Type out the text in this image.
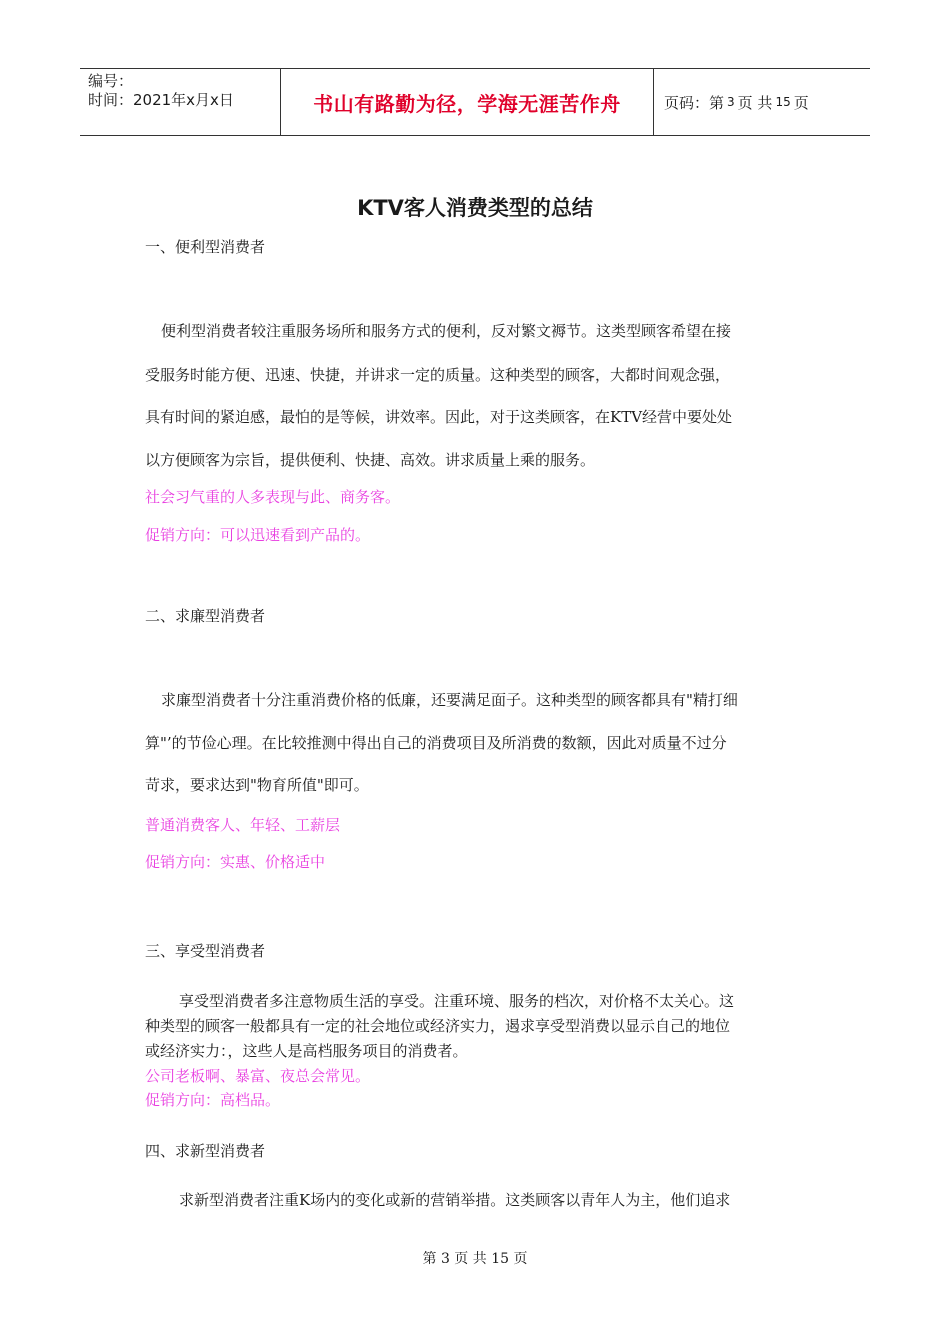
编号：
时间：2021年x月x日	书山有路勤为径，学海无涯苦作舟	页码：第 3 页 共 15 页
KTV客人消费类型的总结
一、便利型消费者
便利型消费者较注重服务场所和服务方式的便利，反对繁文褥节。这类型顾客希望在接
受服务时能方便、迅速、快捷，并讲求一定的质量。这种类型的顾客，大都时间观念强，
具有时间的紧迫感，最怕的是等候，讲效率。因此，对于这类顾客，在KTV经营中要处处
以方便顾客为宗旨，提供便利、快捷、高效。讲求质量上乘的服务。
社会习气重的人多表现与此、商务客。
促销方向：可以迅速看到产品的。
二、求廉型消费者
求廉型消费者十分注重消费价格的低廉，还要满足面子。这种类型的顾客都具有"精打细
算"’的节俭心理。在比较推测中得出自己的消费项目及所消费的数额，因此对质量不过分
苛求，要求达到"物育所值"即可。
普通消费客人、年轻、工薪层
促销方向：实惠、价格适中
三、享受型消费者
享受型消费者多注意物质生活的享受。注重环境、服务的档次，对价格不太关心。这
种类型的顾客一般都具有一定的社会地位或经济实力，遏求享受型消费以显示自己的地位
或经济实力：，这些人是高档服务项目的消费者。
公司老板啊、暴富、夜总会常见。
促销方向：高档品。
四、求新型消费者
求新型消费者注重K场内的变化或新的营销举措。这类顾客以青年人为主，他们追求
第 3 页 共 15 页
